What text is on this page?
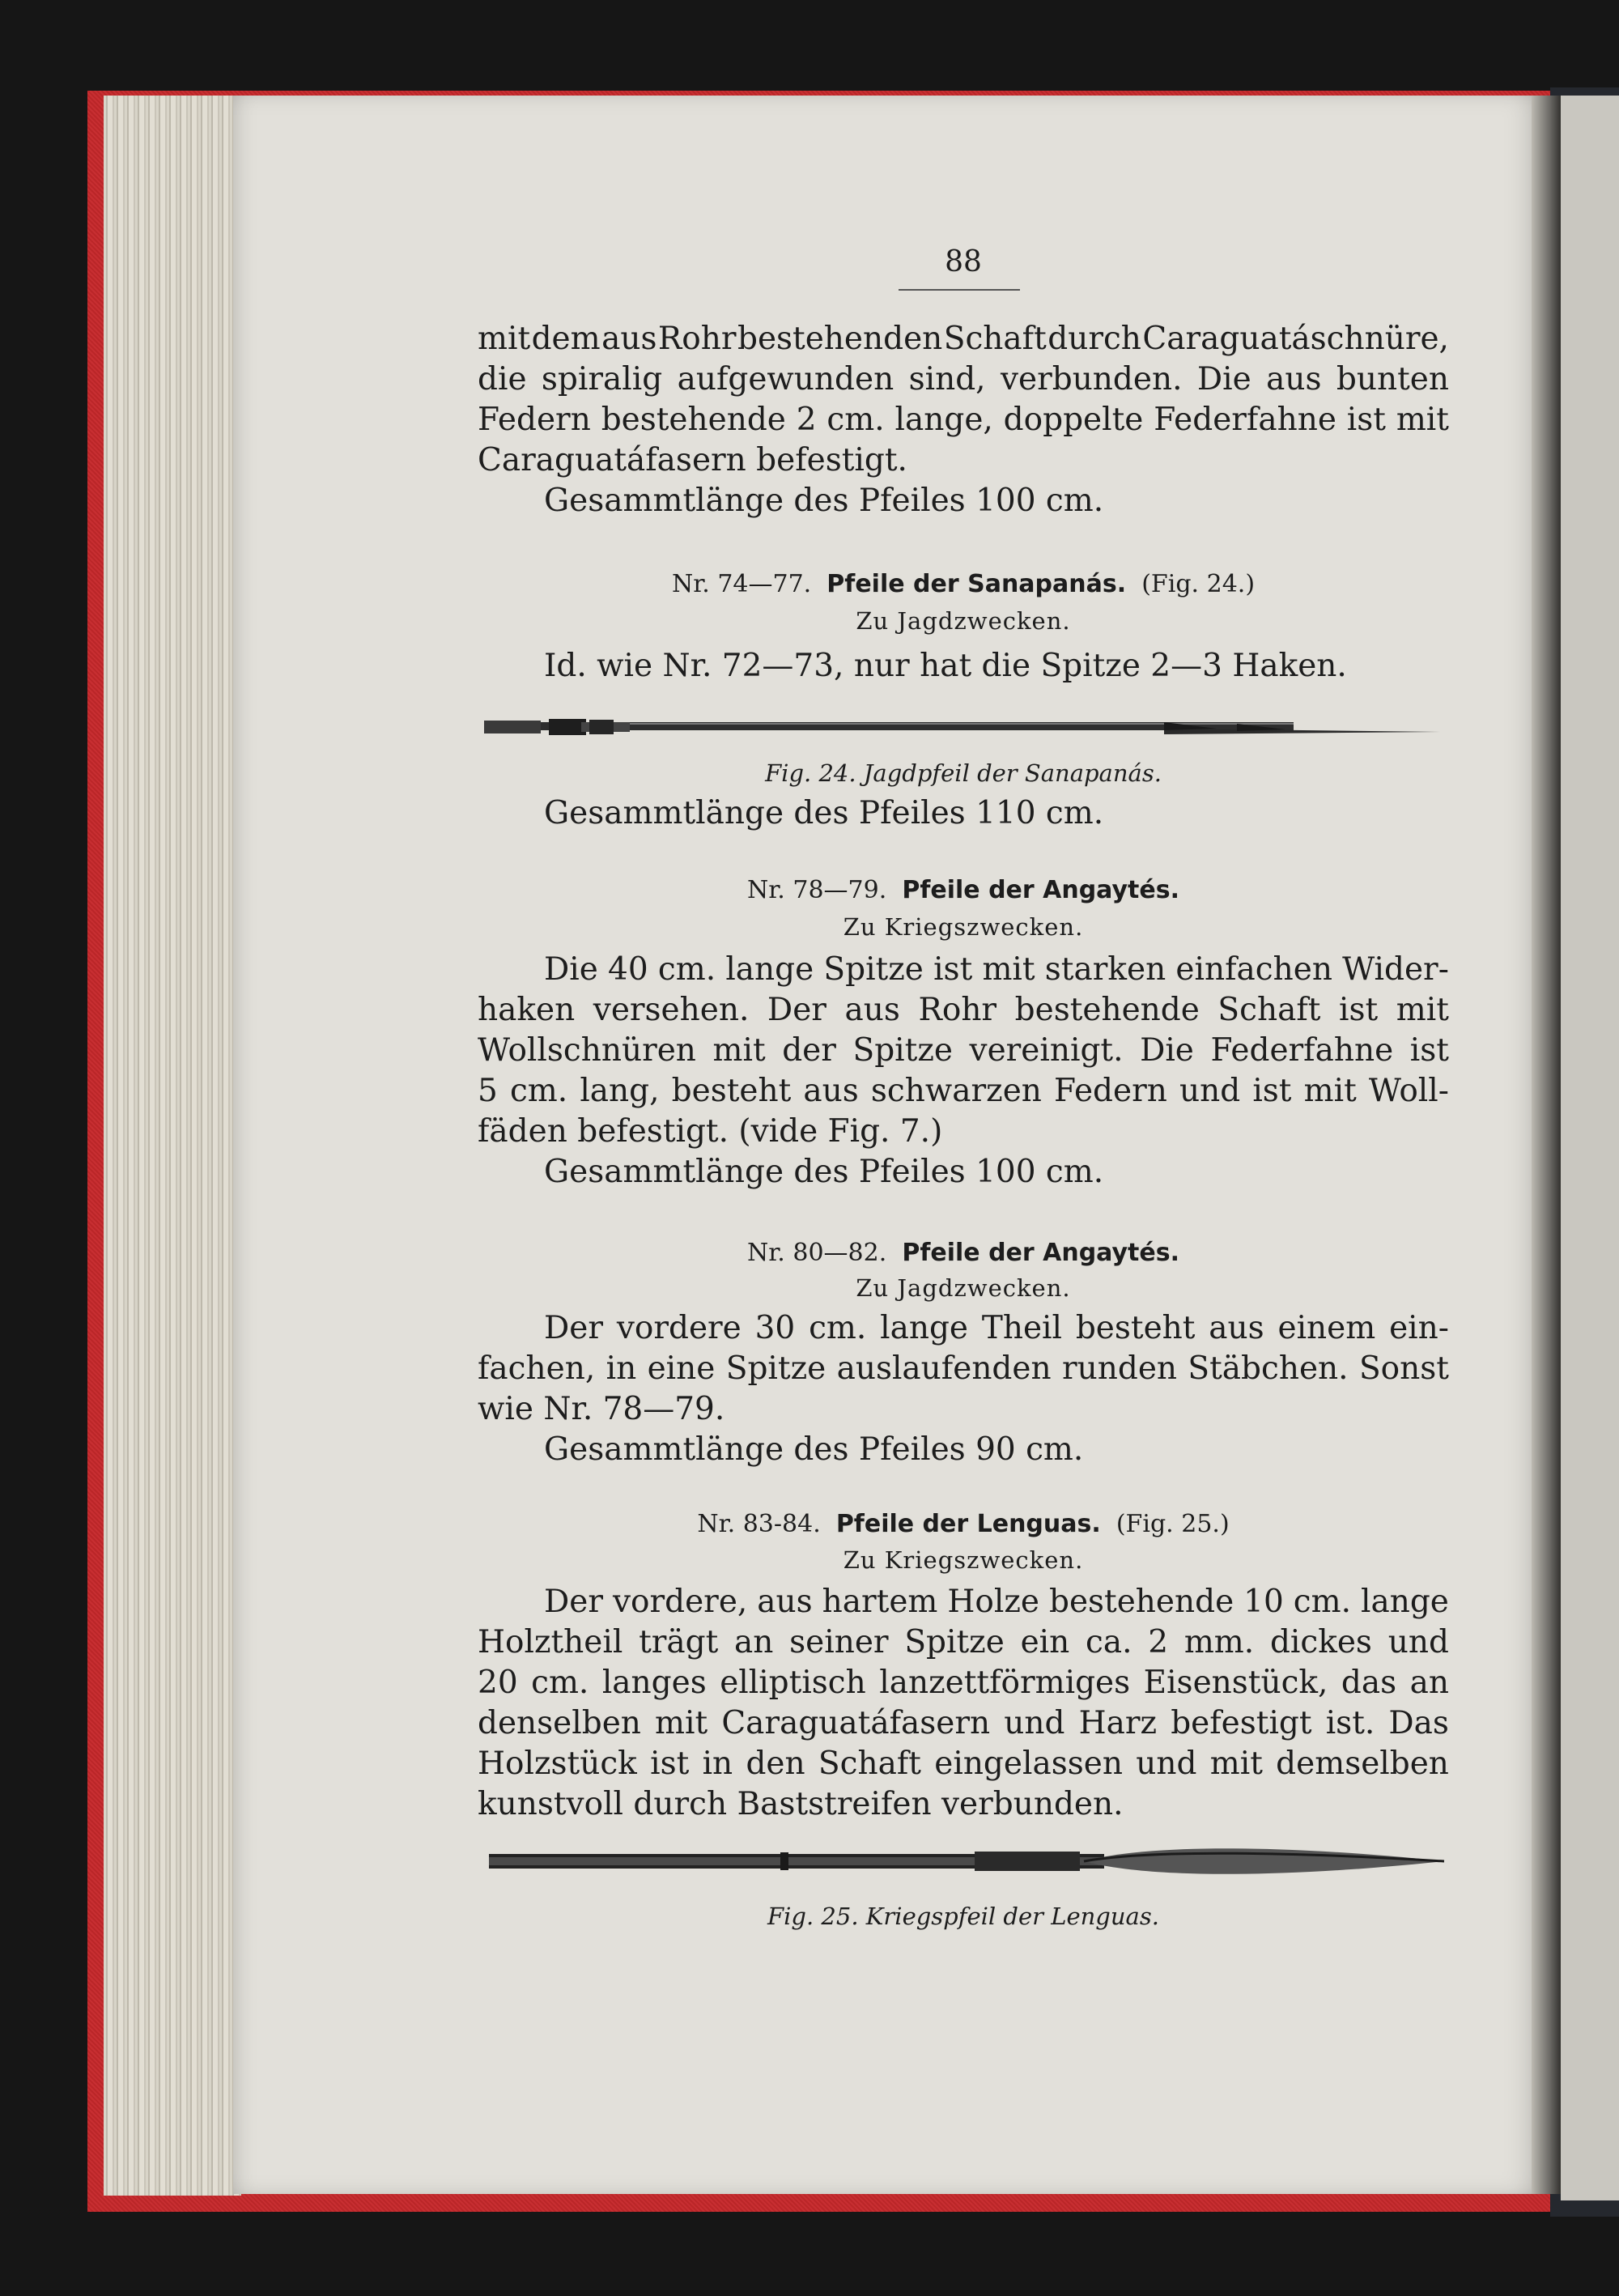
88
mit dem aus Rohr bestehenden Schaft durch Caraguatáschnüre,
die spiralig aufgewunden sind, verbunden. Die aus bunten
Federn bestehende 2 cm. lange, doppelte Federfahne ist mit
Caraguatáfasern befestigt.
Gesammtlänge des Pfeiles 100 cm.
Nr. 74—77. Pfeile der Sanapanás. (Fig. 24.)
Zu Jagdzwecken.
Id. wie Nr. 72—73, nur hat die Spitze 2—3 Haken.
Fig. 24. Jagdpfeil der Sanapanás.
Gesammtlänge des Pfeiles 110 cm.
Nr. 78—79. Pfeile der Angaytés.
Zu Kriegszwecken.
Die 40 cm. lange Spitze ist mit starken einfachen Wider-
haken versehen. Der aus Rohr bestehende Schaft ist mit
Wollschnüren mit der Spitze vereinigt. Die Federfahne ist
5 cm. lang, besteht aus schwarzen Federn und ist mit Woll-
fäden befestigt. (vide Fig. 7.)
Gesammtlänge des Pfeiles 100 cm.
Nr. 80—82. Pfeile der Angaytés.
Zu Jagdzwecken.
Der vordere 30 cm. lange Theil besteht aus einem ein-
fachen, in eine Spitze auslaufenden runden Stäbchen. Sonst
wie Nr. 78—79.
Gesammtlänge des Pfeiles 90 cm.
Nr. 83-84. Pfeile der Lenguas. (Fig. 25.)
Zu Kriegszwecken.
Der vordere, aus hartem Holze bestehende 10 cm. lange
Holztheil trägt an seiner Spitze ein ca. 2 mm. dickes und
20 cm. langes elliptisch lanzettförmiges Eisenstück, das an
denselben mit Caraguatáfasern und Harz befestigt ist. Das
Holzstück ist in den Schaft eingelassen und mit demselben
kunstvoll durch Baststreifen verbunden.
Fig. 25. Kriegspfeil der Lenguas.
